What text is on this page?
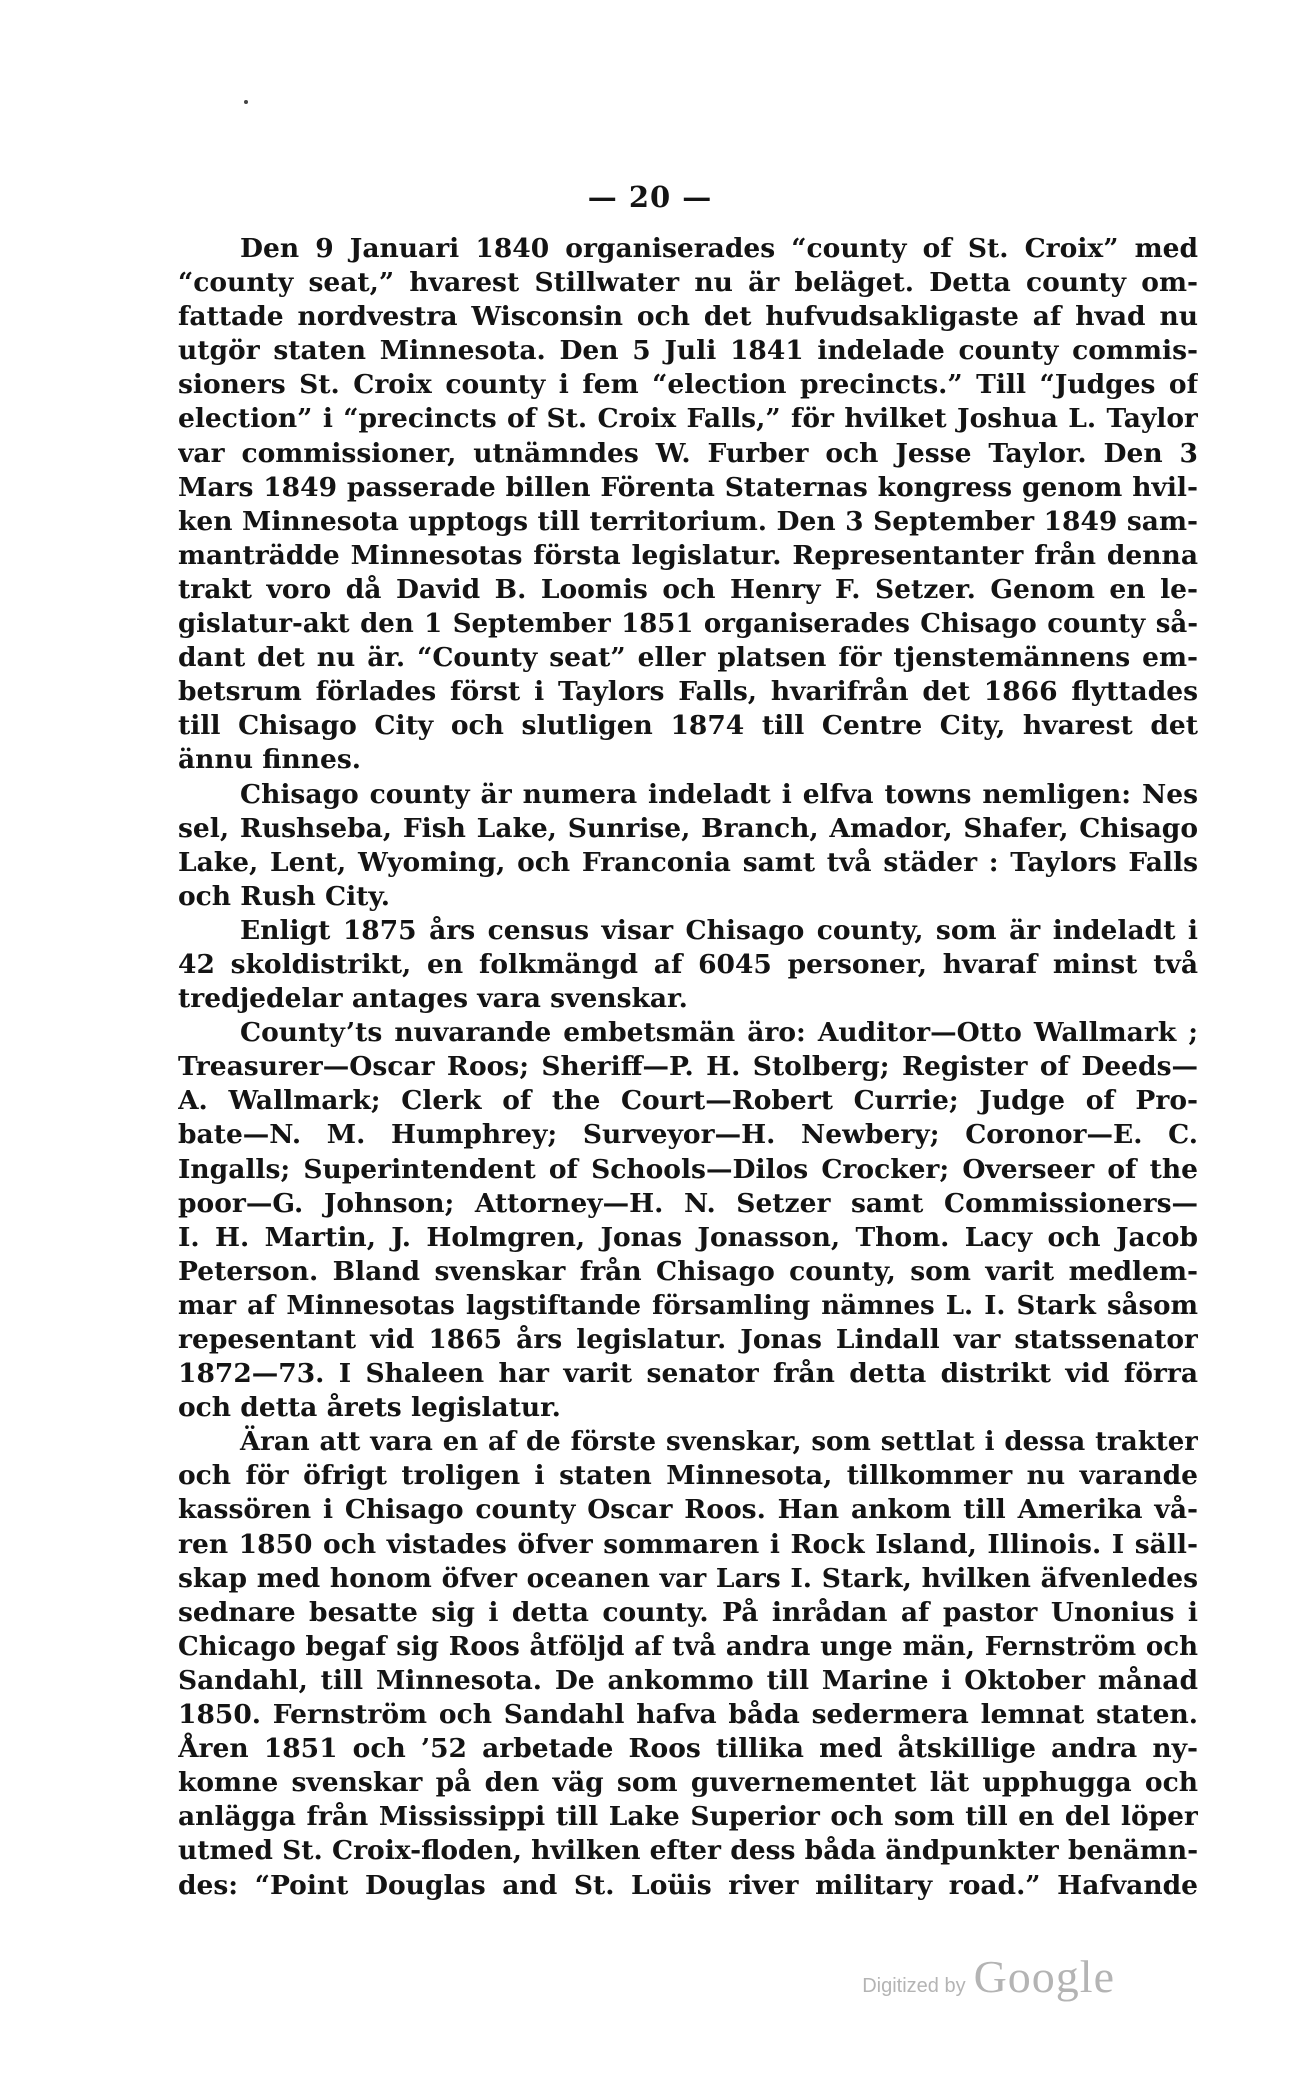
— 20 —
Den 9 Januari 1840 organiserades “county of St. Croix” med
“county seat,” hvarest Stillwater nu är beläget. Detta county om-
fattade nordvestra Wisconsin och det hufvudsakligaste af hvad nu
utgör staten Minnesota. Den 5 Juli 1841 indelade county commis-
sioners St. Croix county i fem “election precincts.” Till “Judges of
election” i “precincts of St. Croix Falls,” för hvilket Joshua L. Taylor
var commissioner, utnämndes W. Furber och Jesse Taylor. Den 3
Mars 1849 passerade billen Förenta Staternas kongress genom hvil-
ken Minnesota upptogs till territorium. Den 3 September 1849 sam-
manträdde Minnesotas första legislatur. Representanter från denna
trakt voro då David B. Loomis och Henry F. Setzer. Genom en le-
gislatur-akt den 1 September 1851 organiserades Chisago county så-
dant det nu är. “County seat” eller platsen för tjenstemännens em-
betsrum förlades först i Taylors Falls, hvarifrån det 1866 flyttades
till Chisago City och slutligen 1874 till Centre City, hvarest det
ännu finnes.
Chisago county är numera indeladt i elfva towns nemligen: Nes
sel, Rushseba, Fish Lake, Sunrise, Branch, Amador, Shafer, Chisago
Lake, Lent, Wyoming, och Franconia samt två städer : Taylors Falls
och Rush City.
Enligt 1875 års census visar Chisago county, som är indeladt i
42 skoldistrikt, en folkmängd af 6045 personer, hvaraf minst två
tredjedelar antages vara svenskar.
County’ts nuvarande embetsmän äro: Auditor—Otto Wallmark ;
Treasurer—Oscar Roos; Sheriff—P. H. Stolberg; Register of Deeds—
A. Wallmark; Clerk of the Court—Robert Currie; Judge of Pro-
bate—N. M. Humphrey; Surveyor—H. Newbery; Coronor—E. C.
Ingalls; Superintendent of Schools—Dilos Crocker; Overseer of the
poor—G. Johnson; Attorney—H. N. Setzer samt Commissioners—
I. H. Martin, J. Holmgren, Jonas Jonasson, Thom. Lacy och Jacob
Peterson. Bland svenskar från Chisago county, som varit medlem-
mar af Minnesotas lagstiftande församling nämnes L. I. Stark såsom
repesentant vid 1865 års legislatur. Jonas Lindall var statssenator
1872—73. I Shaleen har varit senator från detta distrikt vid förra
och detta årets legislatur.
Äran att vara en af de förste svenskar, som settlat i dessa trakter
och för öfrigt troligen i staten Minnesota, tillkommer nu varande
kassören i Chisago county Oscar Roos. Han ankom till Amerika vå-
ren 1850 och vistades öfver sommaren i Rock Island, Illinois. I säll-
skap med honom öfver oceanen var Lars I. Stark, hvilken äfvenledes
sednare besatte sig i detta county. På inrådan af pastor Unonius i
Chicago begaf sig Roos åtföljd af två andra unge män, Fernström och
Sandahl, till Minnesota. De ankommo till Marine i Oktober månad
1850. Fernström och Sandahl hafva båda sedermera lemnat staten.
Åren 1851 och ’52 arbetade Roos tillika med åtskillige andra ny-
komne svenskar på den väg som guvernementet lät upphugga och
anlägga från Mississippi till Lake Superior och som till en del löper
utmed St. Croix-floden, hvilken efter dess båda ändpunkter benämn-
des: “Point Douglas and St. Loüis river military road.” Hafvande
Digitized by Google
